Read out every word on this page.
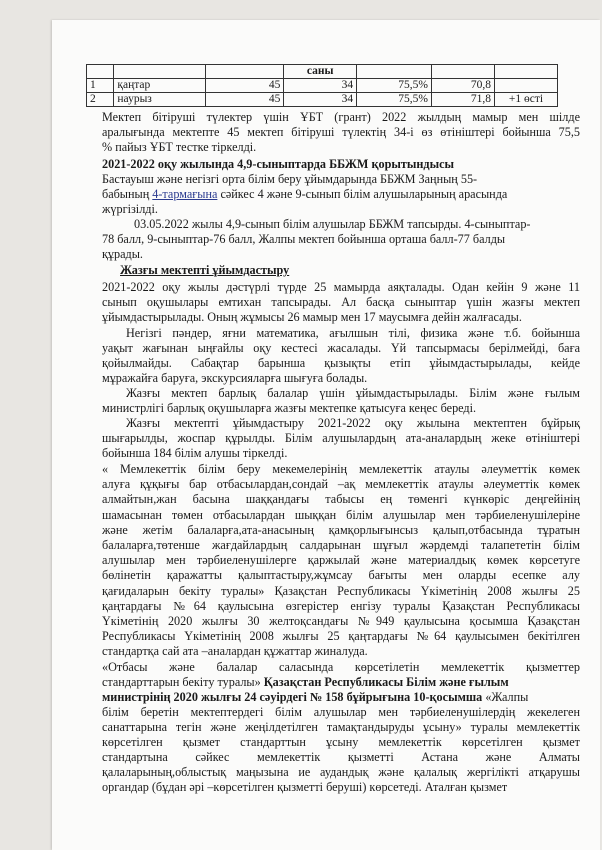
			саны			
1	қаңтар	45	34	75,5%	70,8	
2	наурыз	45	34	75,5%	71,8	+1 өсті
Мектеп бітіруші түлектер үшін ҰБТ (грант) 2022 жылдың мамыр мен шілде
аралығында мектепте 45 мектеп бітіруші түлектің 34-і өз өтініштері бойынша 75,5
% пайыз ҰБТ тестке тіркелді.
2021-2022 оқу жылында 4,9-сыныптарда ББЖМ қорытындысы
Бастауыш және негізгі орта білім беру ұйымдарында ББЖМ Заңның 55-
бабының 4-тармағына сәйкес 4 және 9-сынып білім алушыларының арасында
жүргізілді.
03.05.2022 жылы 4,9-сынып білім алушылар ББЖМ тапсырды. 4-сыныптар-
78 балл, 9-сыныптар-76 балл, Жалпы мектеп бойынша орташа балл-77 балды
құрады.
Жазғы мектепті ұйымдастыру
2021-2022 оқу жылы дәстүрлі түрде 25 мамырда аяқталады. Одан кейін 9 және 11
сынып оқушылары емтихан тапсырады. Ал басқа сыныптар үшін жазғы мектеп
ұйымдастырылады. Оның жұмысы 26 мамыр мен 17 маусымға дейін жалғасады.
Негізгі пәндер, яғни математика, ағылшын тілі, физика және т.б. бойынша
уақыт жағынан ыңғайлы оқу кестесі жасалады. Үй тапсырмасы берілмейді, баға
қойылмайды. Сабақтар барынша қызықты етіп ұйымдастырылады, кейде
мұражайға баруға, экскурсияларға шығуға болады.
Жазғы мектеп барлық балалар үшін ұйымдастырылады. Білім және ғылым
министрлігі барлық оқушыларға жазғы мектепке қатысуға кеңес береді.
Жазғы мектепті ұйымдастыру 2021-2022 оқу жылына мектептен бұйрық
шығарылды, жоспар құрылды. Білім алушылардың ата-аналардың жеке өтініштері
бойынша 184 білім алушы тіркелді.
« Мемлекеттік білім беру мекемелерінің мемлекеттік атаулы әлеуметтік көмек
алуға құқығы бар отбасылардан,сондай –ақ мемлекеттік атаулы әлеуметтік көмек
алмайтын,жан басына шаққандағы табысы ең төменгі күнкөріс деңгейінің
шамасынан төмен отбасылардан шыққан білім алушылар мен тәрбиеленушілеріне
және жетім балаларға,ата-анасының қамқорлығынсыз қалып,отбасында тұратын
балаларға,төтенше жағдайлардың салдарынан шұғыл жәрдемді талапететін білім
алушылар мен тәрбиеленушілерге қаржылай және материалдық көмек көрсетуге
бөлінетін қаражатты қалыптастыру,жұмсау бағыты мен оларды есепке алу
қағидаларын бекіту туралы» Қазақстан Республикасы Үкіметінің 2008 жылғы 25
қаңтардағы №64 қаулысына өзгерістер енгізу туралы Қазақстан Республикасы
Үкіметінің 2020 жылғы 30 желтоқсандағы №949 қаулысына қосымша Қазақстан
Республикасы Үкіметінің 2008 жылғы 25 қаңтардағы №64 қаулысымен бекітілген
стандартқа сай ата –аналардан құжаттар жиналуда.
«Отбасы және балалар саласында көрсетілетін мемлекеттік қызметтер
стандарттарын бекіту туралы» Қазақстан Республикасы Білім және ғылым
министрінің 2020 жылғы 24 сәуірдегі № 158 бұйрығына 10-қосымша «Жалпы
білім беретін мектептердегі білім алушылар мен тәрбиеленушілердің жекелеген
санаттарына тегін және жеңілдетілген тамақтандыруды ұсыну» туралы мемлекеттік
көрсетілген қызмет стандарттын ұсыну мемлекеттік көрсетілген қызмет
стандартына сәйкес мемлекеттік қызметті Астана және Алматы
қалаларының,облыстық маңызына ие аудандық және қалалық жергілікті атқарушы
органдар (бұдан әрі –көрсетілген қызметті беруші) көрсетеді. Аталған қызмет
